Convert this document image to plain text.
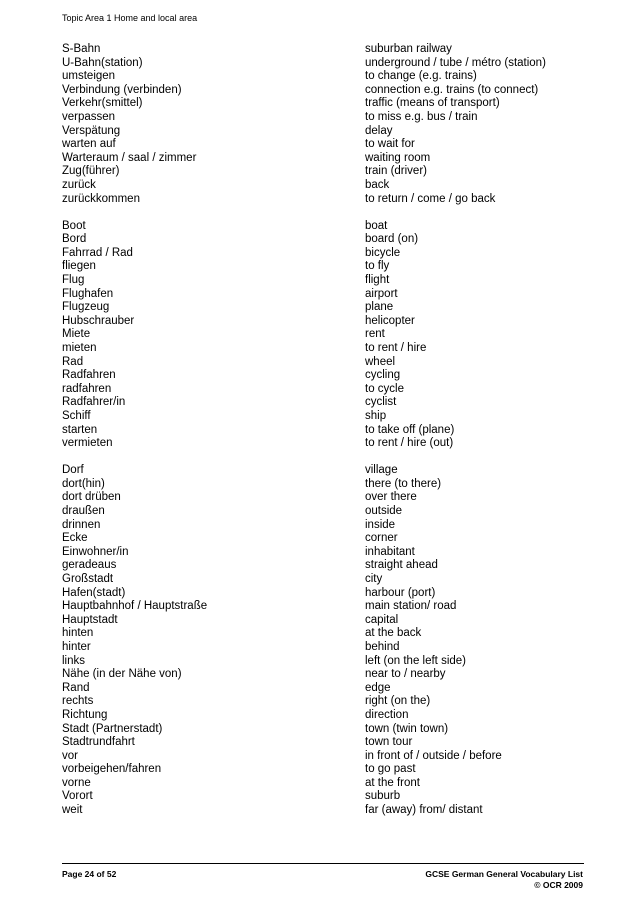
Topic Area 1 Home and local area
S-Bahn	suburban railway
U-Bahn(station)	underground / tube / métro (station)
umsteigen	to change (e.g. trains)
Verbindung (verbinden)	connection e.g. trains (to connect)
Verkehr(smittel)	traffic (means of transport)
verpassen	to miss e.g. bus / train
Verspätung	delay
warten auf	to wait for
Warteraum / saal / zimmer	waiting room
Zug(führer)	train (driver)
zurück	back
zurückkommen	to return / come / go back
Boot	boat
Bord	board (on)
Fahrrad / Rad	bicycle
fliegen	to fly
Flug	flight
Flughafen	airport
Flugzeug	plane
Hubschrauber	helicopter
Miete	rent
mieten	to rent / hire
Rad	wheel
Radfahren	cycling
radfahren	to cycle
Radfahrer/in	cyclist
Schiff	ship
starten	to take off (plane)
vermieten	to rent / hire (out)
Dorf	village
dort(hin)	there (to there)
dort drüben	over there
draußen	outside
drinnen	inside
Ecke	corner
Einwohner/in	inhabitant
geradeaus	straight ahead
Großstadt	city
Hafen(stadt)	harbour (port)
Hauptbahnhof / Hauptstraße	main station/ road
Hauptstadt	capital
hinten	at the back
hinter	behind
links	left (on the left side)
Nähe (in der Nähe von)	near to / nearby
Rand	edge
rechts	right (on the)
Richtung	direction
Stadt (Partnerstadt)	town (twin town)
Stadtrundfahrt	town tour
vor	in front of / outside / before
vorbeigehen/fahren	to go past
vorne	at the front
Vorort	suburb
weit	far (away) from/ distant
Page 24 of 52	GCSE German General Vocabulary List
© OCR 2009
